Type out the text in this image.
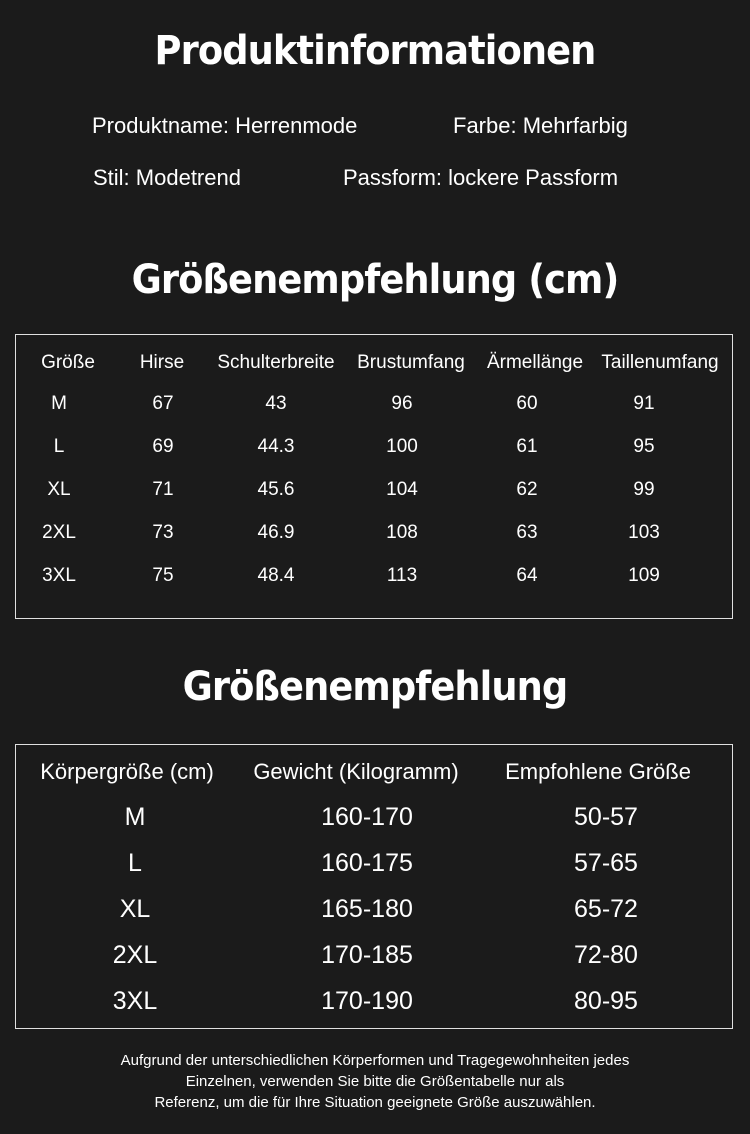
Produktinformationen
Produktname: Herrenmode	Farbe: Mehrfarbig
Stil: Modetrend	Passform: lockere Passform
Größenempfehlung (cm)
Größe Hirse Schulterbreite Brustumfang Ärmellänge Taillenumfang
M	67	43	96	60	91
L	69	44.3	100	61	95
XL	71	45.6	104	62	99
2XL	73	46.9	108	63	103
3XL	75	48.4	113	64	109
Größenempfehlung
Körpergröße (cm) Gewicht (Kilogramm) Empfohlene Größe
M	160-170	50-57
L	160-175	57-65
XL	165-180	65-72
2XL	170-185	72-80
3XL	170-190	80-95
Aufgrund der unterschiedlichen Körperformen und Tragegewohnheiten jedes
Einzelnen, verwenden Sie bitte die Größentabelle nur als
Referenz, um die für Ihre Situation geeignete Größe auszuwählen.
